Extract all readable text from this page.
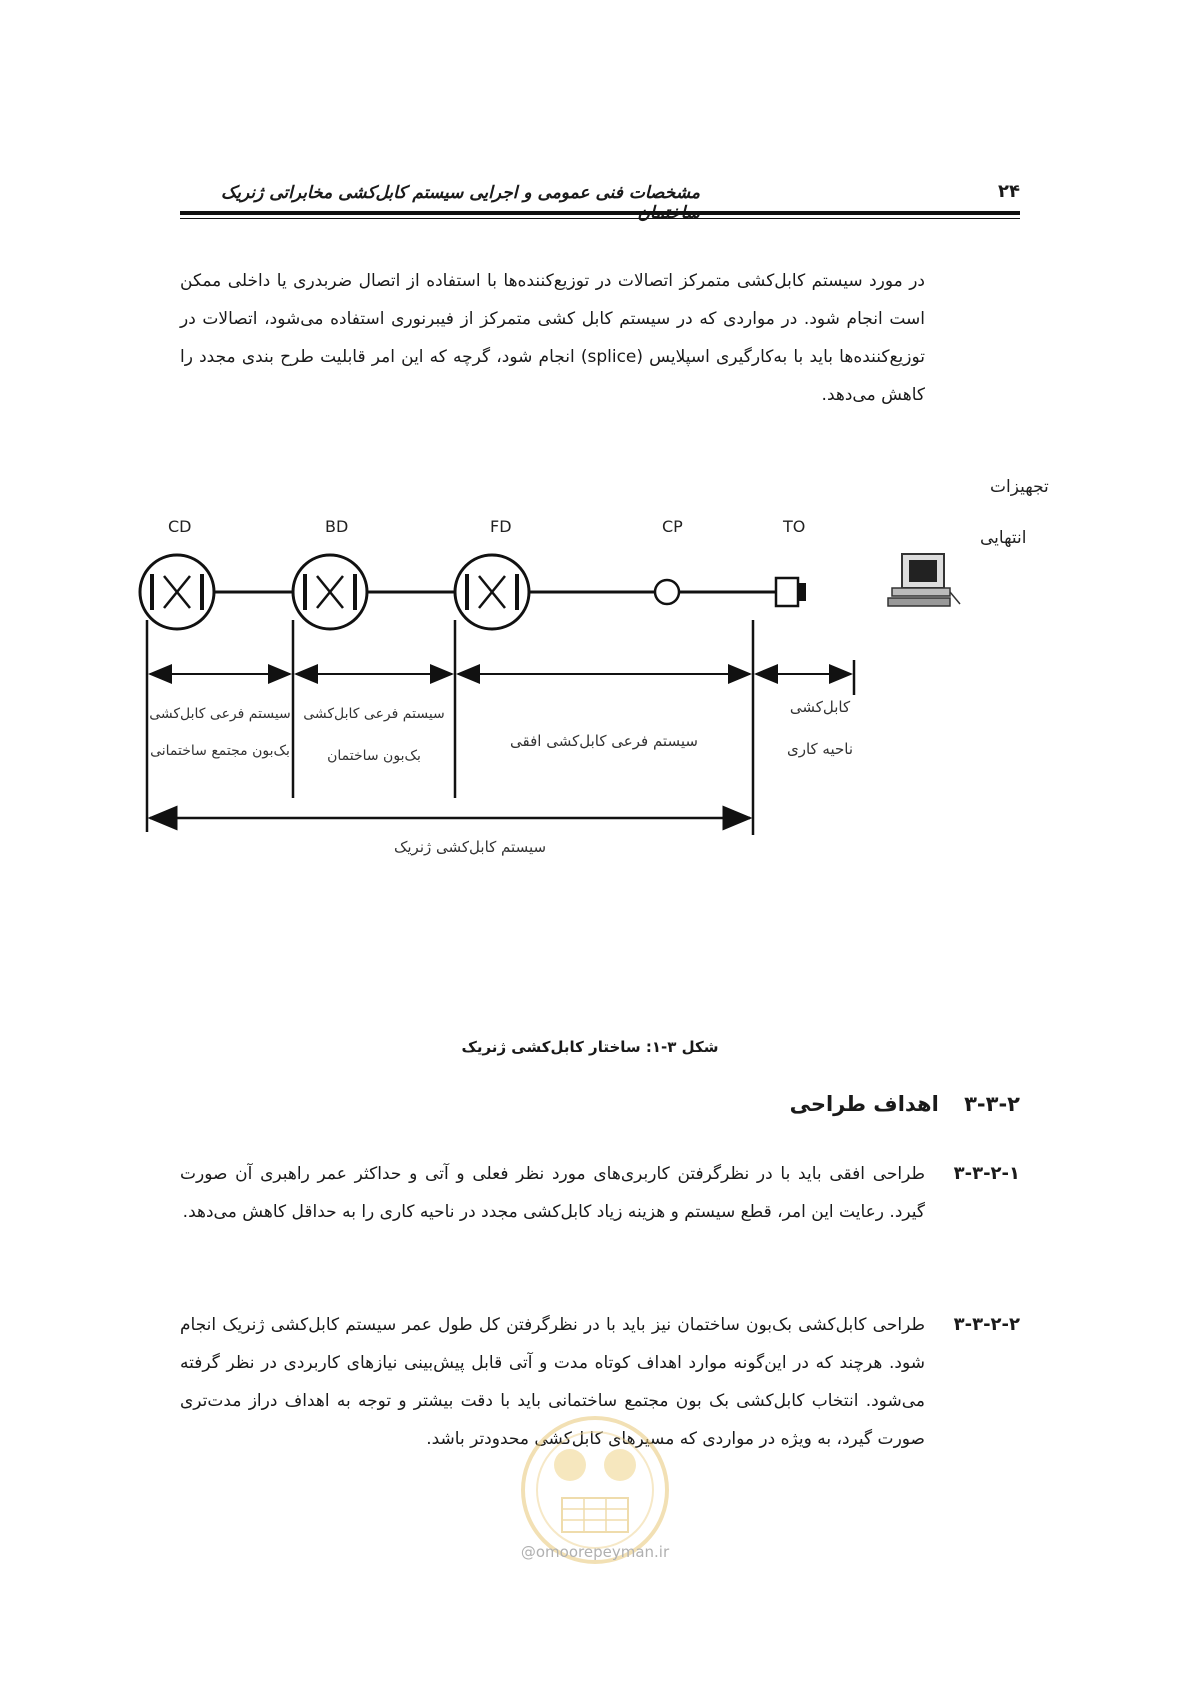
مشخصات فنی عمومی و اجرایی سیستم کابل‌کشی مخابراتی ژنریک	۲۴
در مورد سیستم کابل‌کشی متمرکز اتصالات در توزیع‌کننده‌ها با استفاده از اتصال ضربدری یا داخلی ممکن است انجام شود. در مواردی که در سیستم کابل کشی متمرکز از فیبرنوری استفاده می‌شود، اتصالات در توزیع‌کننده‌ها باید با به‌کارگیری اسپلایس (splice) انجام شود، گرچه که این امر قابلیت طرح بندی مجدد را کاهش می‌دهد.
CD	BD	FD	CP	TO
تجهیزات
انتهایی
سیستم فرعی کابل‌کشی
بک‌بون مجتمع ساختمانی
سیستم فرعی کابل‌کشی
بک‌بون ساختمان
سیستم فرعی کابل‌کشی افقی
کابل‌کشی
ناحیه کاری
سیستم کابل‌کشی ژنریک
شکل ۳-۱: ساختار کابل‌کشی ژنریک
۳-۳-۲ اهداف طراحی
۳-۳-۲-۱
طراحی افقی باید با در نظرگرفتن کاربری‌های مورد نظر فعلی و آتی و حداکثر عمر راهبری آن صورت گیرد. رعایت این امر، قطع سیستم و هزینه زیاد کابل‌کشی مجدد در ناحیه کاری را به حداقل کاهش می‌دهد.
۳-۳-۲-۲
طراحی کابل‌کشی بک‌بون ساختمان نیز باید با در نظرگرفتن کل طول عمر سیستم کابل‌کشی ژنریک انجام شود. هرچند که در این‌گونه موارد اهداف کوتاه مدت و آتی قابل پیش‌بینی نیازهای کاربردی در نظر گرفته می‌شود. انتخاب کابل‌کشی بک بون مجتمع ساختمانی باید با دقت بیشتر و توجه به اهداف دراز مدت‌تری صورت گیرد، به ویژه در مواردی که مسیرهای کابل‌کشی محدودتر باشد.
@omoorepeyman.ir
